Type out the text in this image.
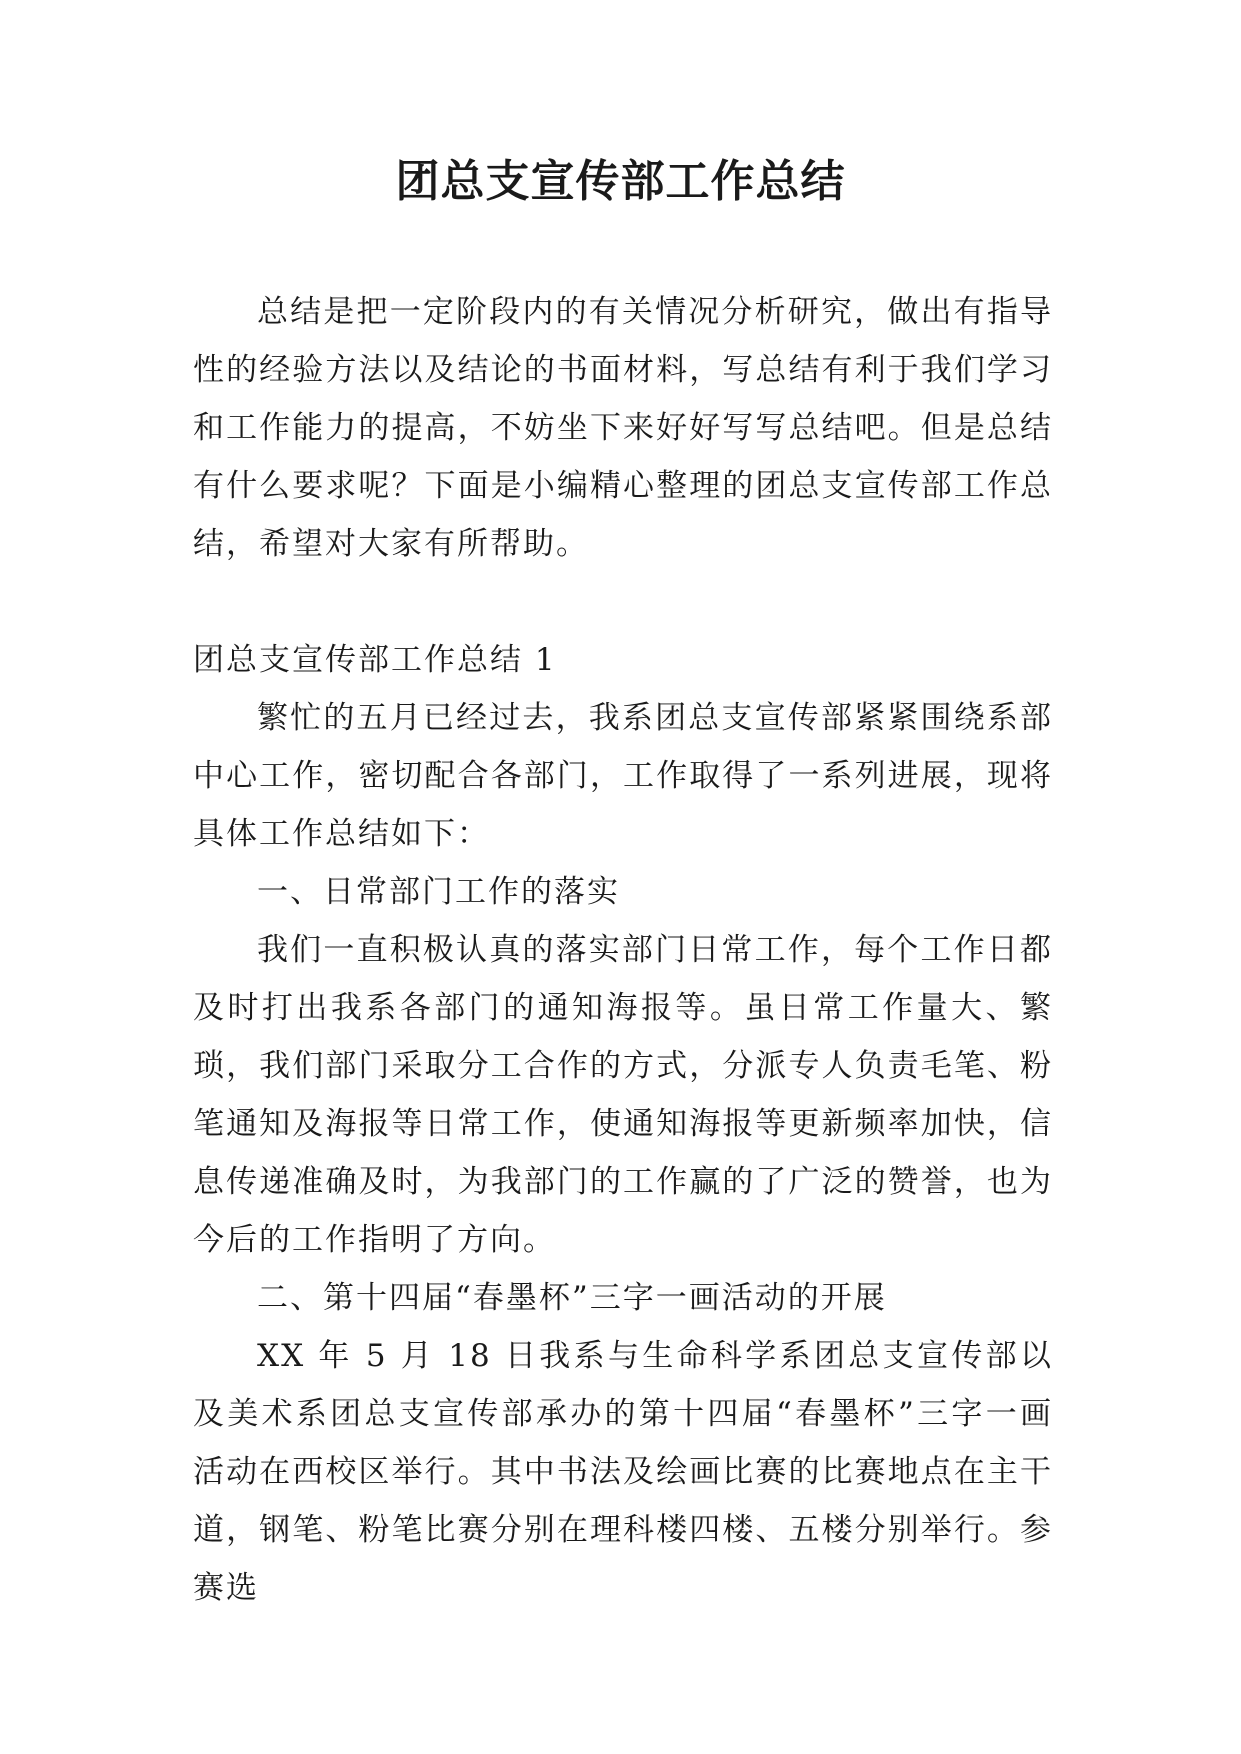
团总支宣传部工作总结

总结是把一定阶段内的有关情况分析研究，做出有指导性的经验方法以及结论的书面材料，写总结有利于我们学习和工作能力的提高，不妨坐下来好好写写总结吧。但是总结有什么要求呢？下面是小编精心整理的团总支宣传部工作总结，希望对大家有所帮助。

团总支宣传部工作总结 1

繁忙的五月已经过去，我系团总支宣传部紧紧围绕系部中心工作，密切配合各部门，工作取得了一系列进展，现将具体工作总结如下：

一、日常部门工作的落实

我们一直积极认真的落实部门日常工作，每个工作日都及时打出我系各部门的通知海报等。虽日常工作量大、繁琐，我们部门采取分工合作的方式，分派专人负责毛笔、粉笔通知及海报等日常工作，使通知海报等更新频率加快，信息传递准确及时，为我部门的工作赢的了广泛的赞誉，也为今后的工作指明了方向。

二、第十四届“春墨杯”三字一画活动的开展

XX 年 5 月 18 日我系与生命科学系团总支宣传部以及美术系团总支宣传部承办的第十四届“春墨杯”三字一画活动在西校区举行。其中书法及绘画比赛的比赛地点在主干道，钢笔、粉笔比赛分别在理科楼四楼、五楼分别举行。参赛选
